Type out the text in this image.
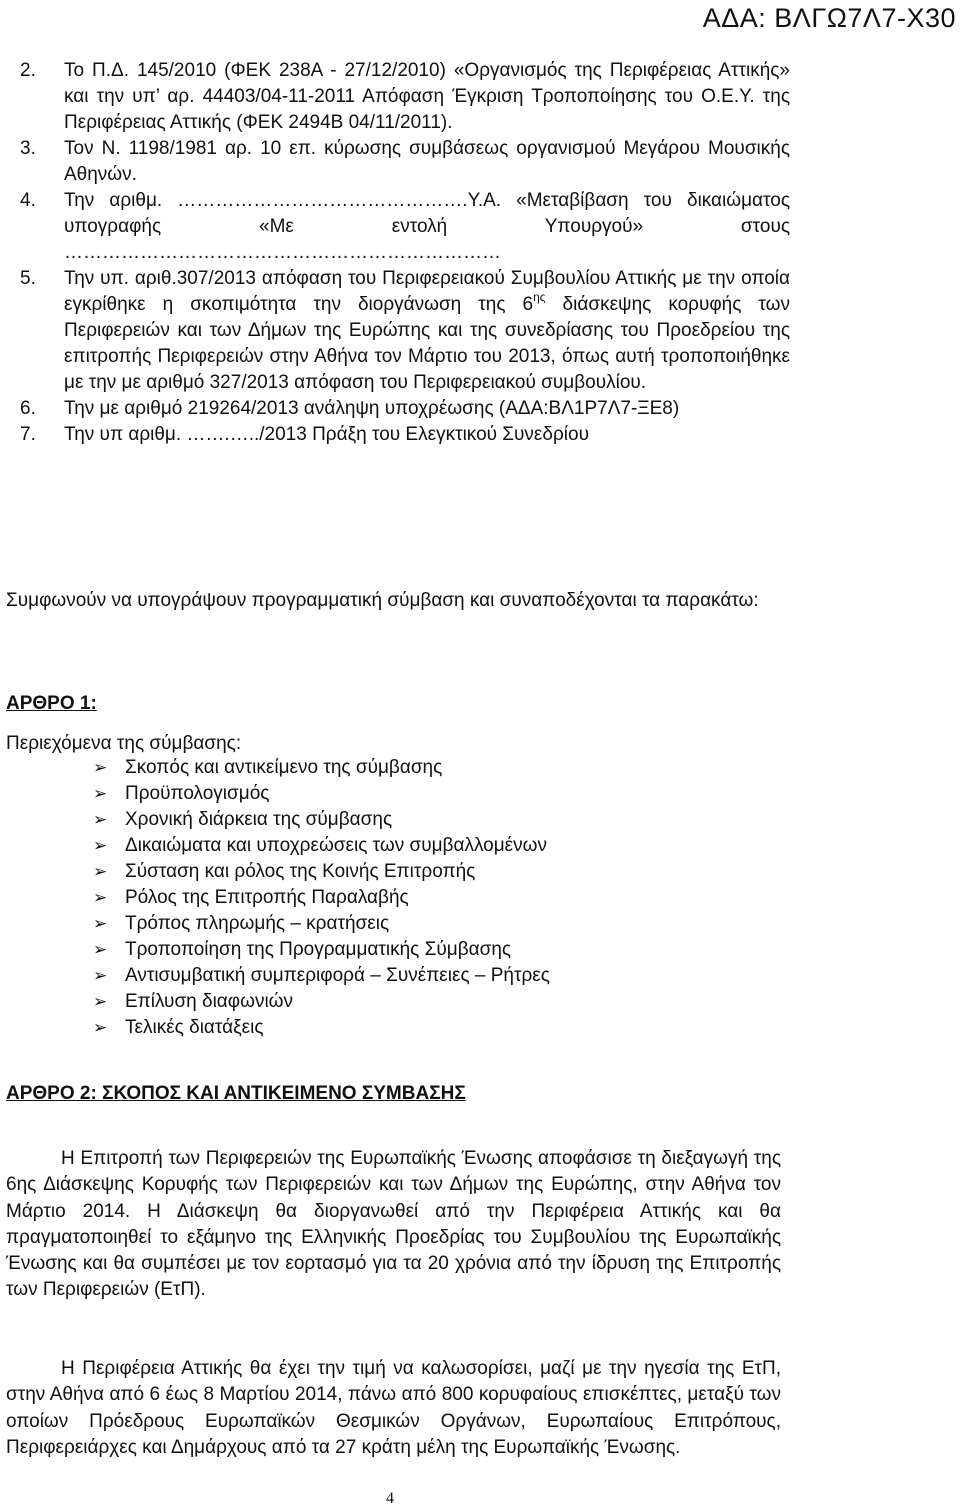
ΑΔΑ: ΒΛΓΩ7Λ7-Χ30
2.	Το Π.Δ. 145/2010 (ΦΕΚ 238Α - 27/12/2010) «Οργανισμός της Περιφέρειας Αττικής» και την υπ’ αρ. 44403/04-11-2011 Απόφαση Έγκριση Τροποποίησης του Ο.Ε.Υ. της Περιφέρειας Αττικής (ΦΕΚ 2494Β 04/11/2011).
3.	Τον Ν. 1198/1981 αρ. 10 επ. κύρωσης συμβάσεως οργανισμού Μεγάρου Μουσικής Αθηνών.
4.	Την αριθμ. ……………………………………….Υ.Α. «Μεταβίβαση του δικαιώματος υπογραφής «Με εντολή Υπουργού» στους ……………………………………………………………
5.	Την υπ. αριθ.307/2013 απόφαση του Περιφερειακού Συμβουλίου Αττικής με την οποία εγκρίθηκε η σκοπιμότητα την διοργάνωση της $6^{\eta\varsigma}$ διάσκεψης κορυφής των Περιφερειών και των Δήμων της Ευρώπης και της συνεδρίασης του Προεδρείου της επιτροπής Περιφερειών στην Αθήνα τον Μάρτιο του 2013, όπως αυτή τροποποιήθηκε με την με αριθμό 327/2013 απόφαση του Περιφερειακού συμβουλίου.
6.	Την με αριθμό 219264/2013 ανάληψη υποχρέωσης (ΑΔΑ:ΒΛ1Ρ7Λ7-ΞΕ8)
7.	Την υπ αριθμ. …….…../2013 Πράξη του Ελεγκτικού Συνεδρίου
Συμφωνούν να υπογράψουν προγραμματική σύμβαση και συναποδέχονται τα παρακάτω:
ΑΡΘΡΟ 1:
Περιεχόμενα της σύμβασης:
➢ Σκοπός και αντικείμενο της σύμβασης
➢ Προϋπολογισμός
➢ Χρονική διάρκεια της σύμβασης
➢ Δικαιώματα και υποχρεώσεις των συμβαλλομένων
➢ Σύσταση και ρόλος της Κοινής Επιτροπής
➢ Ρόλος της Επιτροπής Παραλαβής
➢ Τρόπος πληρωμής – κρατήσεις
➢ Τροποποίηση της Προγραμματικής Σύμβασης
➢ Αντισυμβατική συμπεριφορά – Συνέπειες – Ρήτρες
➢ Επίλυση διαφωνιών
➢ Τελικές διατάξεις
ΑΡΘΡΟ 2: ΣΚΟΠΟΣ ΚΑΙ ΑΝΤΙΚΕΙΜΕΝΟ ΣΥΜΒΑΣΗΣ
Η Επιτροπή των Περιφερειών της Ευρωπαϊκής Ένωσης αποφάσισε τη διεξαγωγή της 6ης Διάσκεψης Κορυφής των Περιφερειών και των Δήμων της Ευρώπης, στην Αθήνα τον Μάρτιο 2014. Η Διάσκεψη θα διοργανωθεί από την Περιφέρεια Αττικής και θα πραγματοποιηθεί το εξάμηνο της Ελληνικής Προεδρίας του Συμβουλίου της Ευρωπαϊκής Ένωσης και θα συμπέσει με τον εορτασμό για τα 20 χρόνια από την ίδρυση της Επιτροπής των Περιφερειών (ΕτΠ).
Η Περιφέρεια Αττικής θα έχει την τιμή να καλωσορίσει, μαζί με την ηγεσία της ΕτΠ, στην Αθήνα από 6 έως 8 Μαρτίου 2014, πάνω από 800 κορυφαίους επισκέπτες, μεταξύ των οποίων Πρόεδρους Ευρωπαϊκών Θεσμικών Οργάνων, Ευρωπαίους Επιτρόπους, Περιφερειάρχες και Δημάρχους από τα 27 κράτη μέλη της Ευρωπαϊκής Ένωσης.
4
